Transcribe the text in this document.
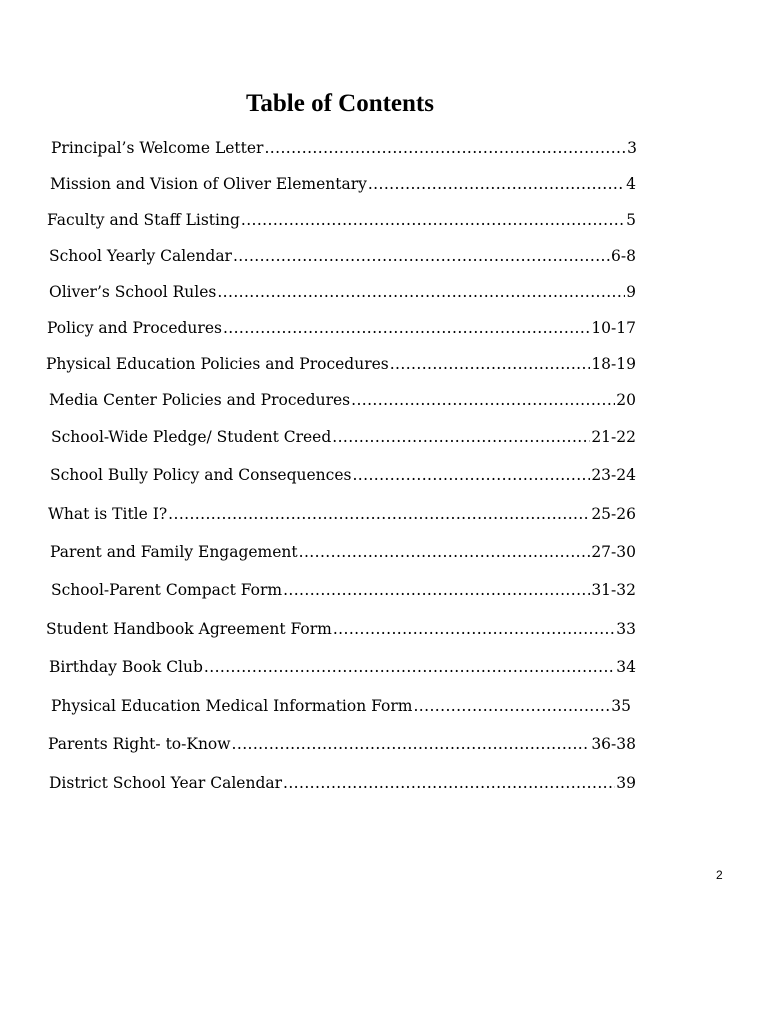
Table of Contents
Principal’s Welcome Letter .....	3
Mission and Vision of Oliver Elementary .....	4
Faculty and Staff Listing .....	5
School Yearly Calendar .....	6-8
Oliver’s School Rules .....	9
Policy and Procedures .....	10-17
Physical Education Policies and Procedures .....	18-19
Media Center Policies and Procedures .....	20
School-Wide Pledge/ Student Creed .....	21-22
School Bully Policy and Consequences .....	23-24
What is Title I? .....	25-26
Parent and Family Engagement .....	27-30
School-Parent Compact Form .....	31-32
Student Handbook Agreement Form .....	33
Birthday Book Club .....	34
Physical Education Medical Information Form .....	35
Parents Right- to-Know .....	36-38
District School Year Calendar .....	39
2
